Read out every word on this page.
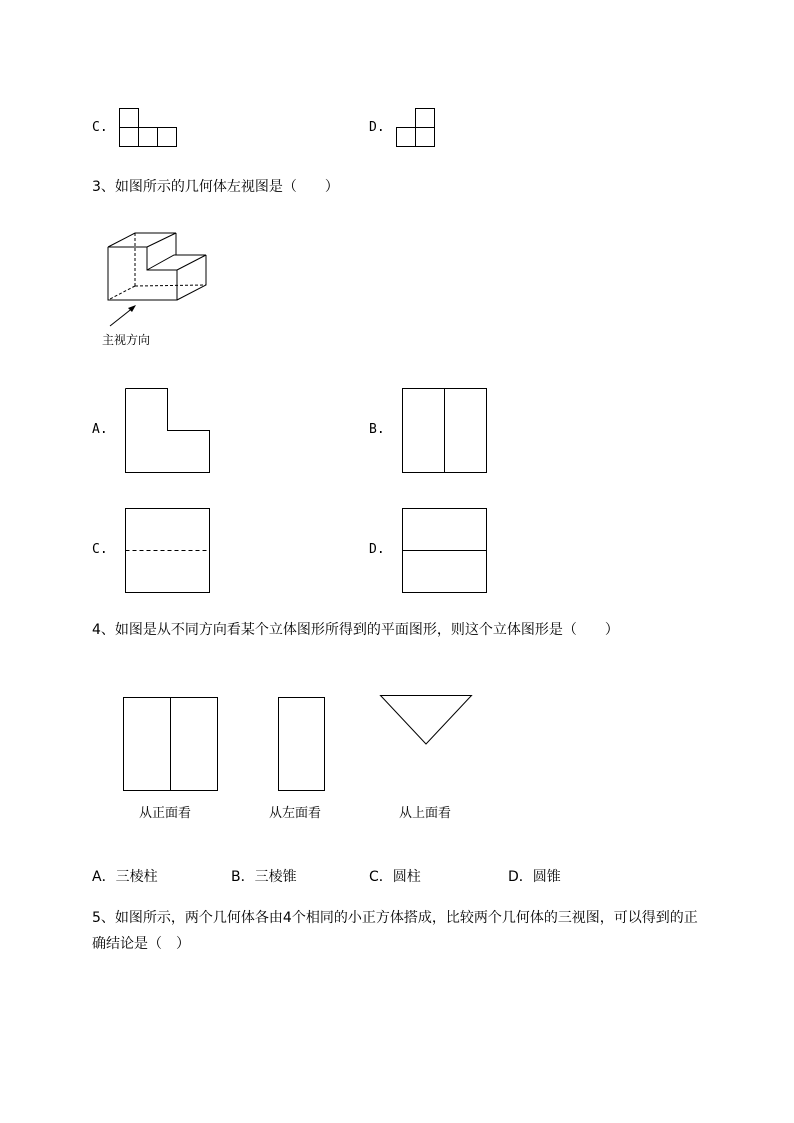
C.	D.
3、如图所示的几何体左视图是（　　）
主视方向
A.	B.
C.	D.
4、如图是从不同方向看某个立体图形所得到的平面图形，则这个立体图形是（　　）
从正面看	从左面看	从上面看
A．三棱柱	B．三棱锥	C．圆柱	D．圆锥
5、如图所示，两个几何体各由4个相同的小正方体搭成，比较两个几何体的三视图，可以得到的正
确结论是（　）
